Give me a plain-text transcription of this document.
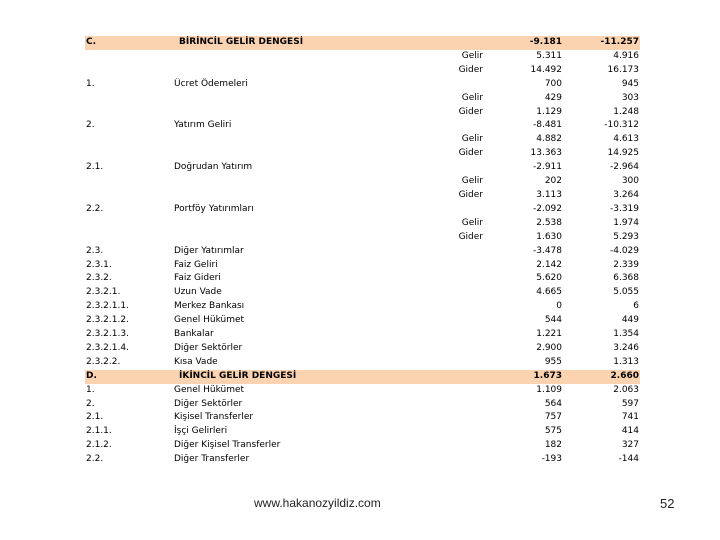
C.	BİRİNCİL GELİR DENGESİ	-9.181	-11.257

	Gelir	5.311	4.916

	Gider	14.492	16.173
1.	Ücret Ödemeleri	700	945

	Gelir	429	303

	Gider	1.129	1.248
2.	Yatırım Geliri	-8.481	-10.312

	Gelir	4.882	4.613

	Gider	13.363	14.925
2.1.	Doğrudan Yatırım	-2.911	-2.964

	Gelir	202	300

	Gider	3.113	3.264
2.2.	Portföy Yatırımları	-2.092	-3.319

	Gelir	2.538	1.974

	Gider	1.630	5.293
2.3.	Diğer Yatırımlar	-3.478	-4.029
2.3.1.	Faiz Geliri	2.142	2.339
2.3.2.	Faiz Gideri	5.620	6.368
2.3.2.1.	Uzun Vade	4.665	5.055
2.3.2.1.1.	Merkez Bankası	0	6
2.3.2.1.2.	Genel Hükümet	544	449
2.3.2.1.3.	Bankalar	1.221	1.354
2.3.2.1.4.	Diğer Sektörler	2.900	3.246
2.3.2.2.	Kısa Vade	955	1.313
D.	İKİNCİL GELİR DENGESİ	1.673	2.660
1.	Genel Hükümet	1.109	2.063
2.	Diğer Sektörler	564	597
2.1.	Kişisel Transferler	757	741
2.1.1.	İşçi Gelirleri	575	414
2.1.2.	Diğer Kişisel Transferler	182	327
2.2.	Diğer Transferler	-193	-144
www.hakanozyildiz.com	52
